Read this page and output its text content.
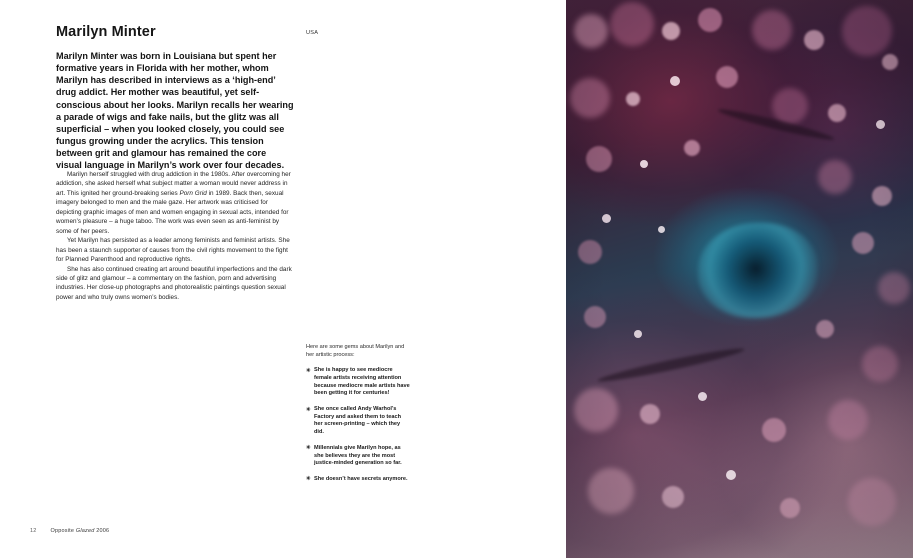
Marilyn Minter	USA
Marilyn Minter was born in Louisiana but spent her formative years in Florida with her mother, whom Marilyn has described in interviews as a ‘high-end’ drug addict. Her mother was beautiful, yet self-conscious about her looks. Marilyn recalls her wearing a parade of wigs and fake nails, but the glitz was all superficial – when you looked closely, you could see fungus growing under the acrylics. This tension between grit and glamour has remained the core visual language in Marilyn’s work over four decades.

Marilyn herself struggled with drug addiction in the 1980s. After overcoming her addiction, she asked herself what subject matter a woman would never address in art. This ignited her ground-breaking series Porn Grid in 1989. Back then, sexual imagery belonged to men and the male gaze. Her artwork was criticised for depicting graphic images of men and women engaging in sexual acts, intended for women’s pleasure – a huge taboo. The work was even seen as anti-feminist by some of her peers.

Yet Marilyn has persisted as a leader among feminists and feminist artists. She has been a staunch supporter of causes from the civil rights movement to the fight for Planned Parenthood and reproductive rights.

She has also continued creating art around beautiful imperfections and the dark side of glitz and glamour – a commentary on the fashion, porn and advertising industries. Her close-up photographs and photorealistic paintings question sexual power and who truly owns women’s bodies.

Here are some gems about Marilyn and her artistic process:
✳ She is happy to see mediocre female artists receiving attention because mediocre male artists have been getting it for centuries!
✳ She once called Andy Warhol’s Factory and asked them to teach her screen-printing – which they did.
✳ Millennials give Marilyn hope, as she believes they are the most justice-minded generation so far.
✳ She doesn’t have secrets anymore.
12	Opposite Glazed 2006
